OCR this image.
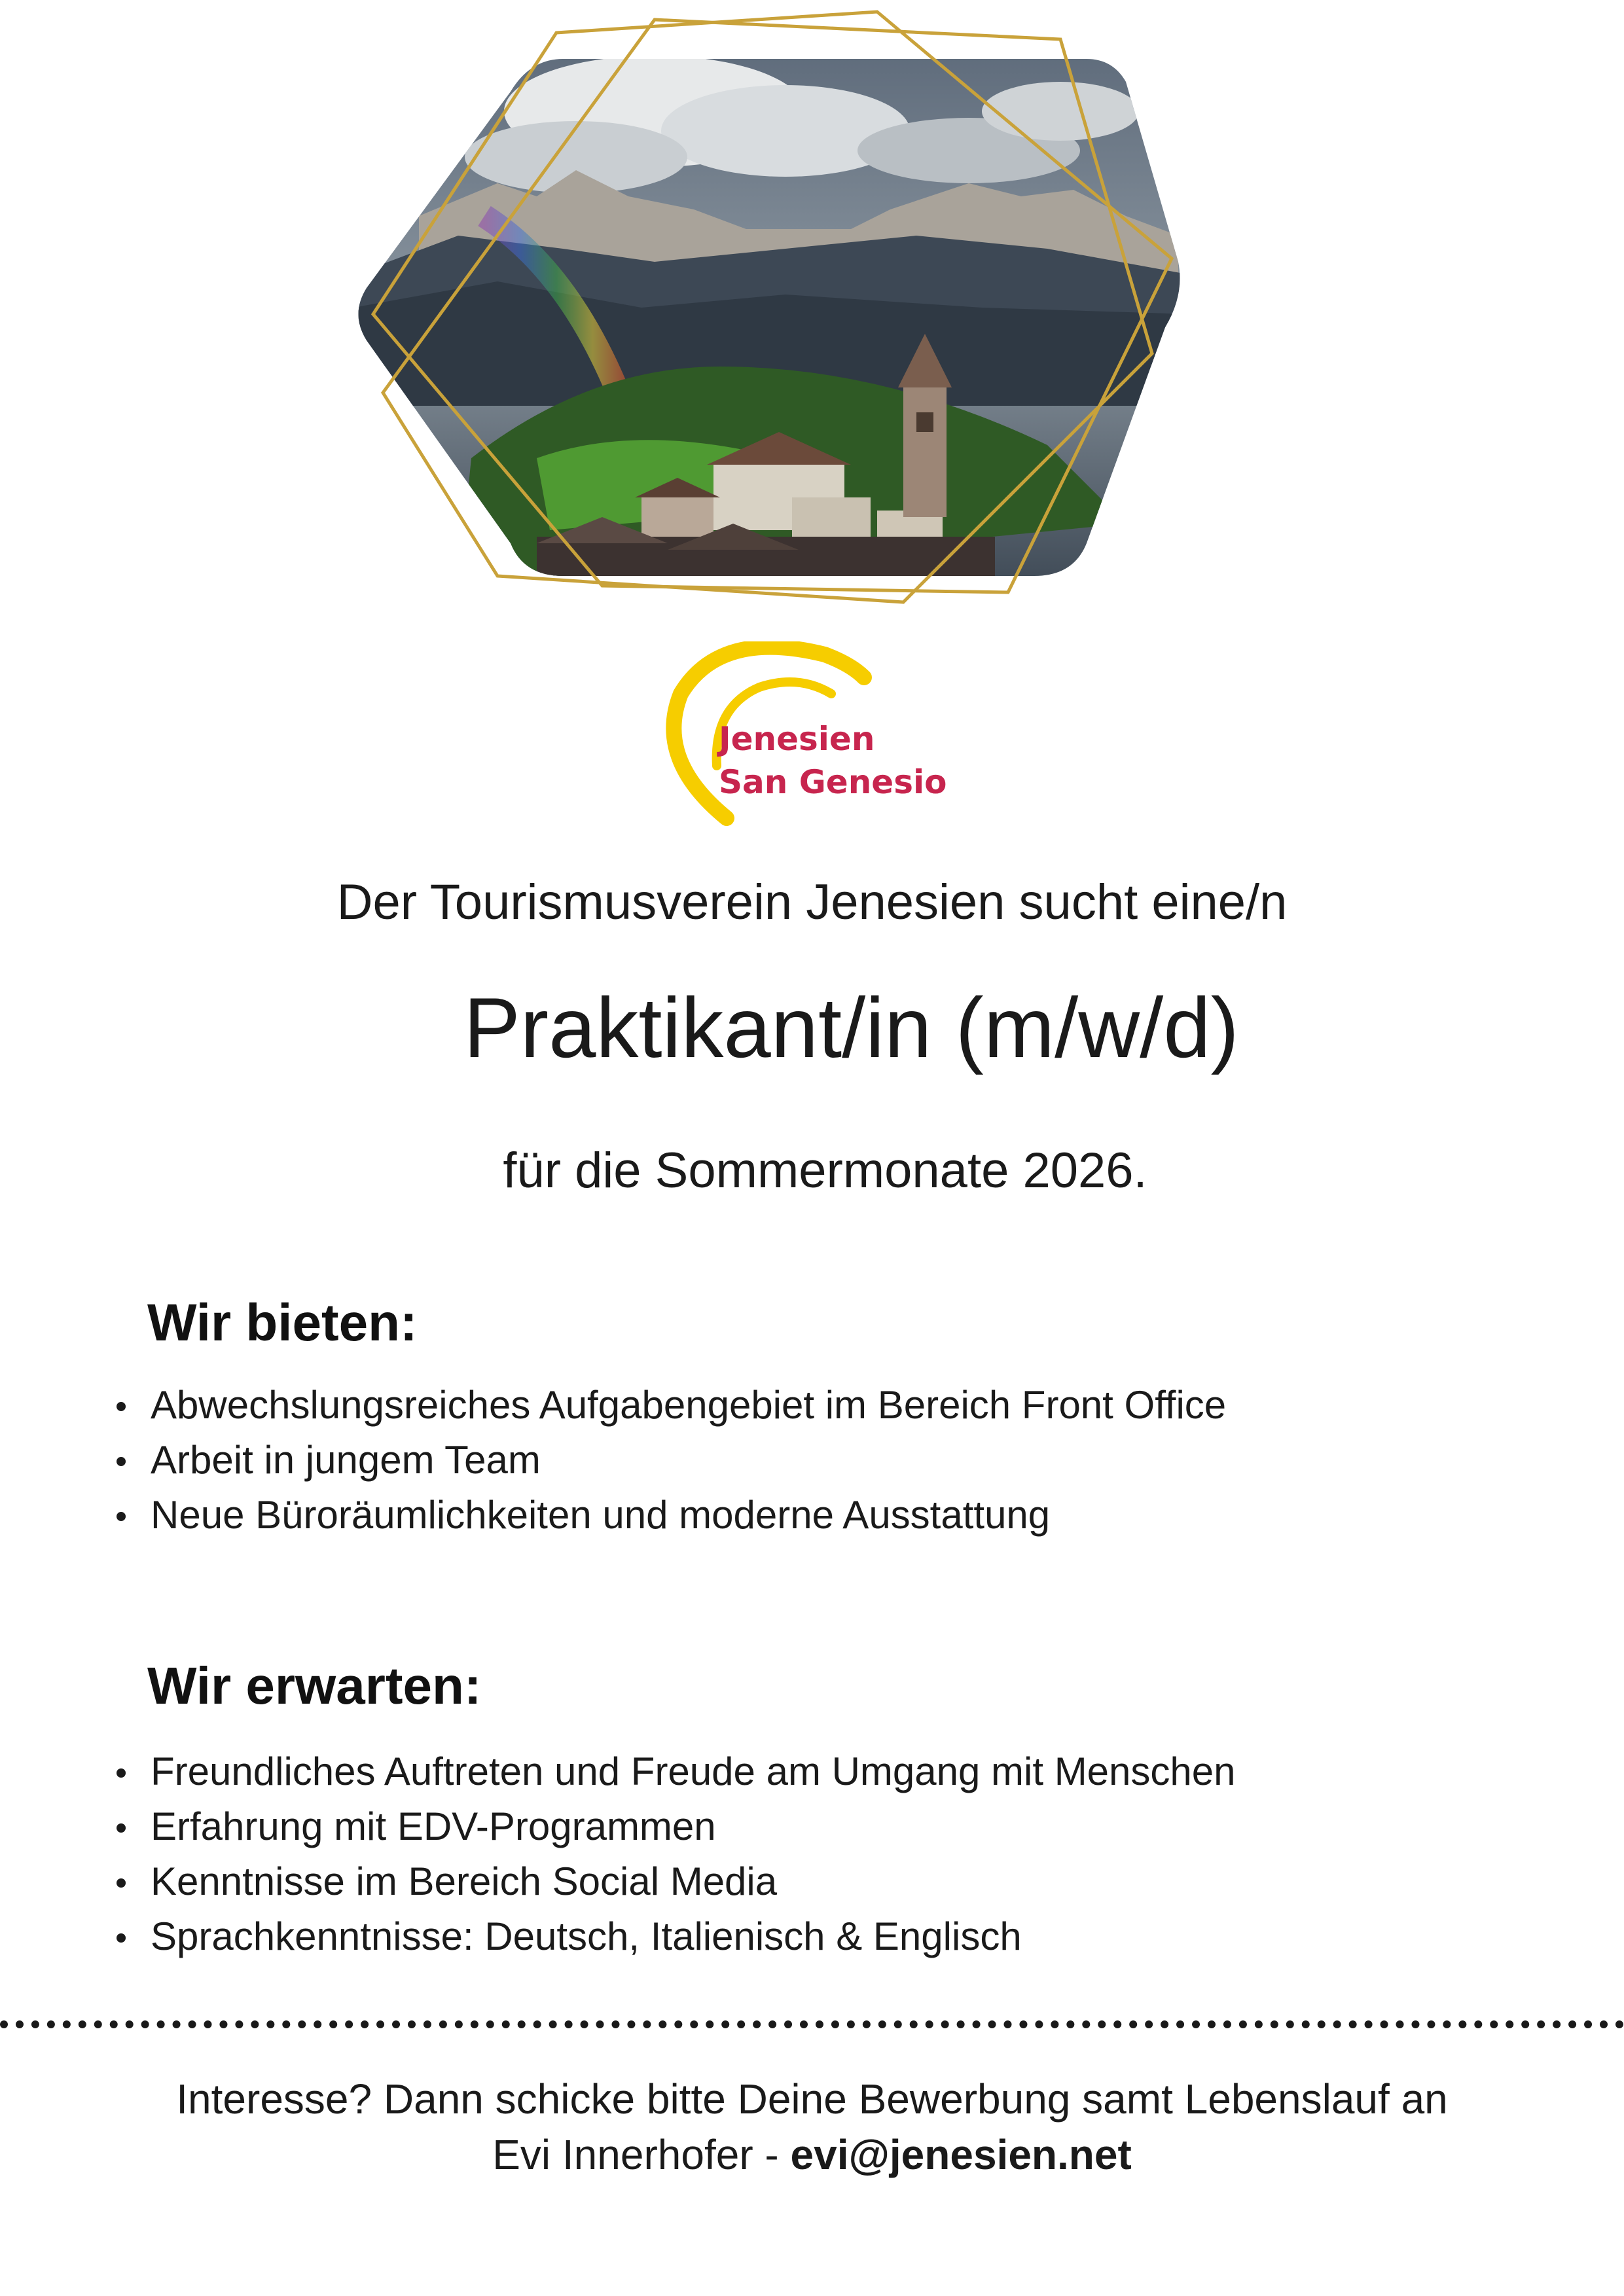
Jenesien
San Genesio
Der Tourismusverein Jenesien sucht eine/n
Praktikant/in (m/w/d)
für die Sommermonate 2026.
Wir bieten:
Abwechslungsreiches Aufgabengebiet im Bereich Front Office
Arbeit in jungem Team
Neue Büroräumlichkeiten und moderne Ausstattung
Wir erwarten:
Freundliches Auftreten und Freude am Umgang mit Menschen
Erfahrung mit EDV-Programmen
Kenntnisse im Bereich Social Media
Sprachkenntnisse: Deutsch, Italienisch & Englisch
Interesse? Dann schicke bitte Deine Bewerbung samt Lebenslauf an
Evi Innerhofer - evi@jenesien.net
